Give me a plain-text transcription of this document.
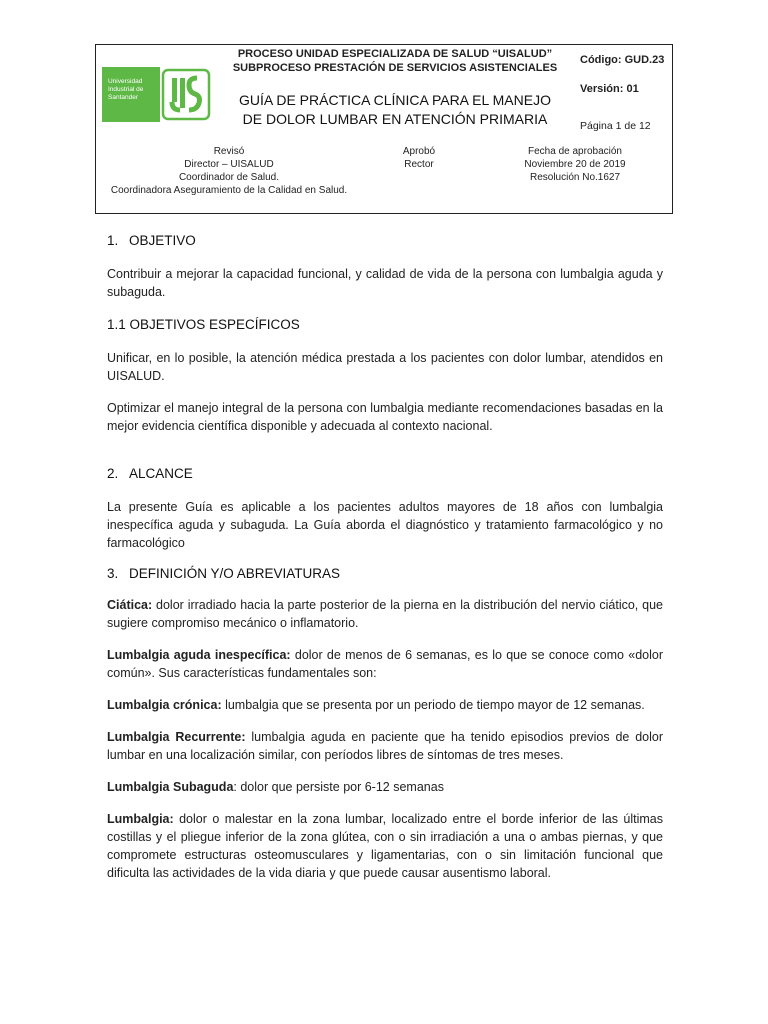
Universidad
Industrial de
Santander
PROCESO UNIDAD ESPECIALIZADA DE SALUD “UISALUD”
SUBPROCESO PRESTACIÓN DE SERVICIOS ASISTENCIALES
GUÍA DE PRÁCTICA CLÍNICA PARA EL MANEJO
DE DOLOR LUMBAR EN ATENCIÓN PRIMARIA
Código: GUD.23
Versión: 01
Página 1 de 12
Revisó
Director – UISALUD
Coordinador de Salud.
Coordinadora Aseguramiento de la Calidad en Salud.
Aprobó
Rector
Fecha de aprobación
Noviembre 20 de 2019
Resolución No.1627
1. OBJETIVO

Contribuir a mejorar la capacidad funcional, y calidad de vida de la persona con lumbalgia aguda y subaguda.

1.1 OBJETIVOS ESPECÍFICOS

Unificar, en lo posible, la atención médica prestada a los pacientes con dolor lumbar, atendidos en UISALUD.

Optimizar el manejo integral de la persona con lumbalgia mediante recomendaciones basadas en la mejor evidencia científica disponible y adecuada al contexto nacional.

2. ALCANCE

La presente Guía es aplicable a los pacientes adultos mayores de 18 años con lumbalgia inespecífica aguda y subaguda. La Guía aborda el diagnóstico y tratamiento farmacológico y no farmacológico

3. DEFINICIÓN Y/O ABREVIATURAS

Ciática: dolor irradiado hacia la parte posterior de la pierna en la distribución del nervio ciático, que sugiere compromiso mecánico o inflamatorio.

Lumbalgia aguda inespecífica: dolor de menos de 6 semanas, es lo que se conoce como «dolor común». Sus características fundamentales son:

Lumbalgia crónica: lumbalgia que se presenta por un periodo de tiempo mayor de 12 semanas.

Lumbalgia Recurrente: lumbalgia aguda en paciente que ha tenido episodios previos de dolor lumbar en una localización similar, con períodos libres de síntomas de tres meses.

Lumbalgia Subaguda: dolor que persiste por 6-12 semanas

Lumbalgia: dolor o malestar en la zona lumbar, localizado entre el borde inferior de las últimas costillas y el pliegue inferior de la zona glútea, con o sin irradiación a una o ambas piernas, y que compromete estructuras osteomusculares y ligamentarias, con o sin limitación funcional que dificulta las actividades de la vida diaria y que puede causar ausentismo laboral.
